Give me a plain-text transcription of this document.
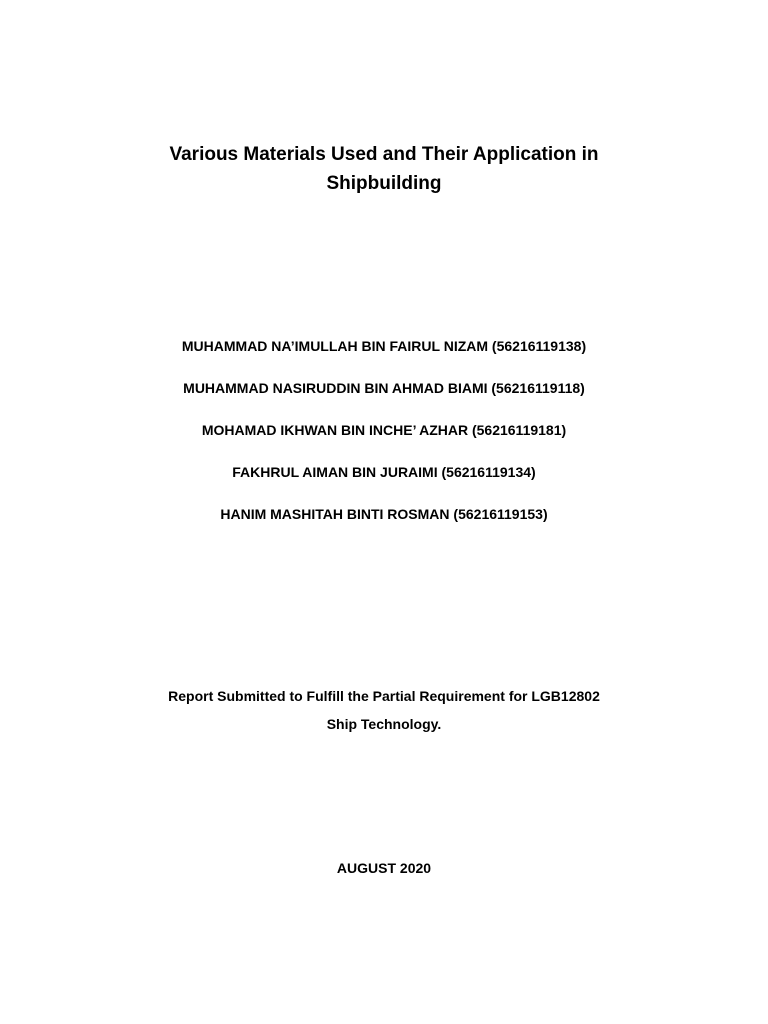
Various Materials Used and Their Application in
Shipbuilding
MUHAMMAD NA’IMULLAH BIN FAIRUL NIZAM (56216119138)
MUHAMMAD NASIRUDDIN BIN AHMAD BIAMI (56216119118)
MOHAMAD IKHWAN BIN INCHE’ AZHAR (56216119181)
FAKHRUL AIMAN BIN JURAIMI (56216119134)
HANIM MASHITAH BINTI ROSMAN (56216119153)
Report Submitted to Fulfill the Partial Requirement for LGB12802
Ship Technology.
AUGUST 2020
